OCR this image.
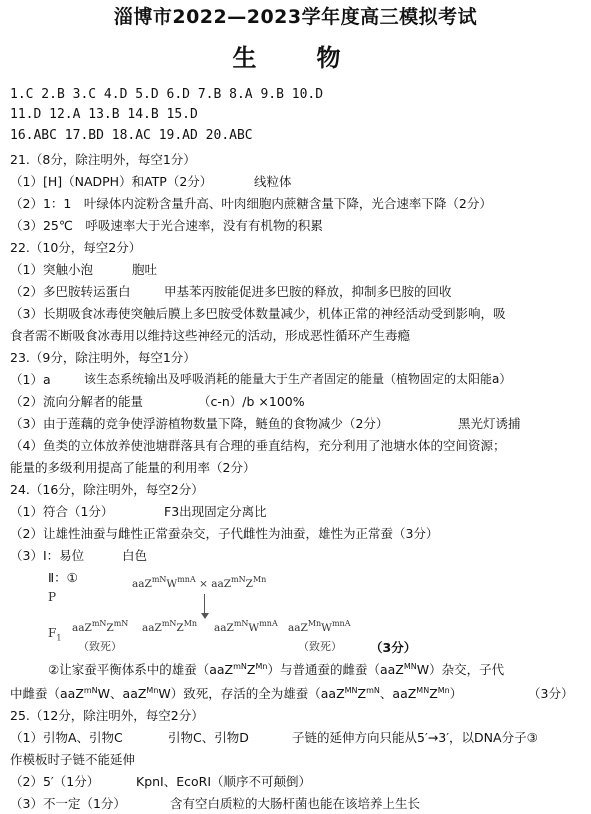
淄博市2022—2023学年度高三模拟考试
生　物
1.C 2.B 3.C 4.D 5.D 6.D 7.B 8.A 9.B 10.D
11.D 12.A 13.B 14.B 15.D
16.ABC 17.BD 18.AC 19.AD 20.ABC
21.（8分，除注明外，每空1分）
（1）[H]（NADPH）和ATP（2分）	线粒体
（2）1：1　叶绿体内淀粉含量升高、叶肉细胞内蔗糖含量下降，光合速率下降（2分）
（3）25℃　呼吸速率大于光合速率，没有有机物的积累
22.（10分，每空2分）
（1）突触小泡	胞吐
（2）多巴胺转运蛋白	甲基苯丙胺能促进多巴胺的释放，抑制多巴胺的回收
（3）长期吸食冰毒使突触后膜上多巴胺受体数量减少，机体正常的神经活动受到影响，吸
食者需不断吸食冰毒用以维持这些神经元的活动，形成恶性循环产生毒瘾
23.（9分，除注明外，每空1分）
（1）a	该生态系统输出及呼吸消耗的能量大于生产者固定的能量（植物固定的太阳能a）
（2）流向分解者的能量	（c-n）/b ×100%
（3）由于莲藕的竞争使浮游植物数量下降，鲢鱼的食物减少（2分）	黑光灯诱捕
（4）鱼类的立体放养使池塘群落具有合理的垂直结构，充分利用了池塘水体的空间资源；
能量的多级利用提高了能量的利用率（2分）
24.（16分，除注明外，每空2分）
（1）符合（1分）	F3出现固定分离比
（2）让雄性油蚕与雌性正常蚕杂交，子代雌性为油蚕，雄性为正常蚕（3分）
（3）Ⅰ：易位	白色
Ⅱ：①
P
$aaZ^{mN}W^{mnA} \times aaZ^{mN}Z^{Mn}$
$F_1$
$aaZ^{mN}Z^{mN}$ $aaZ^{mN}Z^{Mn}$ $aaZ^{mN}W^{mnA}$ $aaZ^{Mn}W^{mnA}$
（致死）	（致死） （3分）
②让家蚕平衡体系中的雄蚕$(aaZ^{mN}Z^{Mn})$与普通蚕的雌蚕（aaZ$^{MN}$W）杂交，子代
中雌蚕（aaZ$^{mN}$W、aaZ$^{Mn}$W）致死，存活的全为雄蚕（$aaZ^{MN}Z^{mN}$、$aaZ^{MN}Z^{Mn}$）	（3分）
25.（12分，除注明外，每空2分）
（1）引物A、引物C	引物C、引物D	子链的延伸方向只能从5′→3′，以DNA分子③
作模板时子链不能延伸
（2）5′（1分）	KpnⅠ、EcoRⅠ（顺序不可颠倒）
（3）不一定（1分）	含有空白质粒的大肠杆菌也能在该培养上生长
